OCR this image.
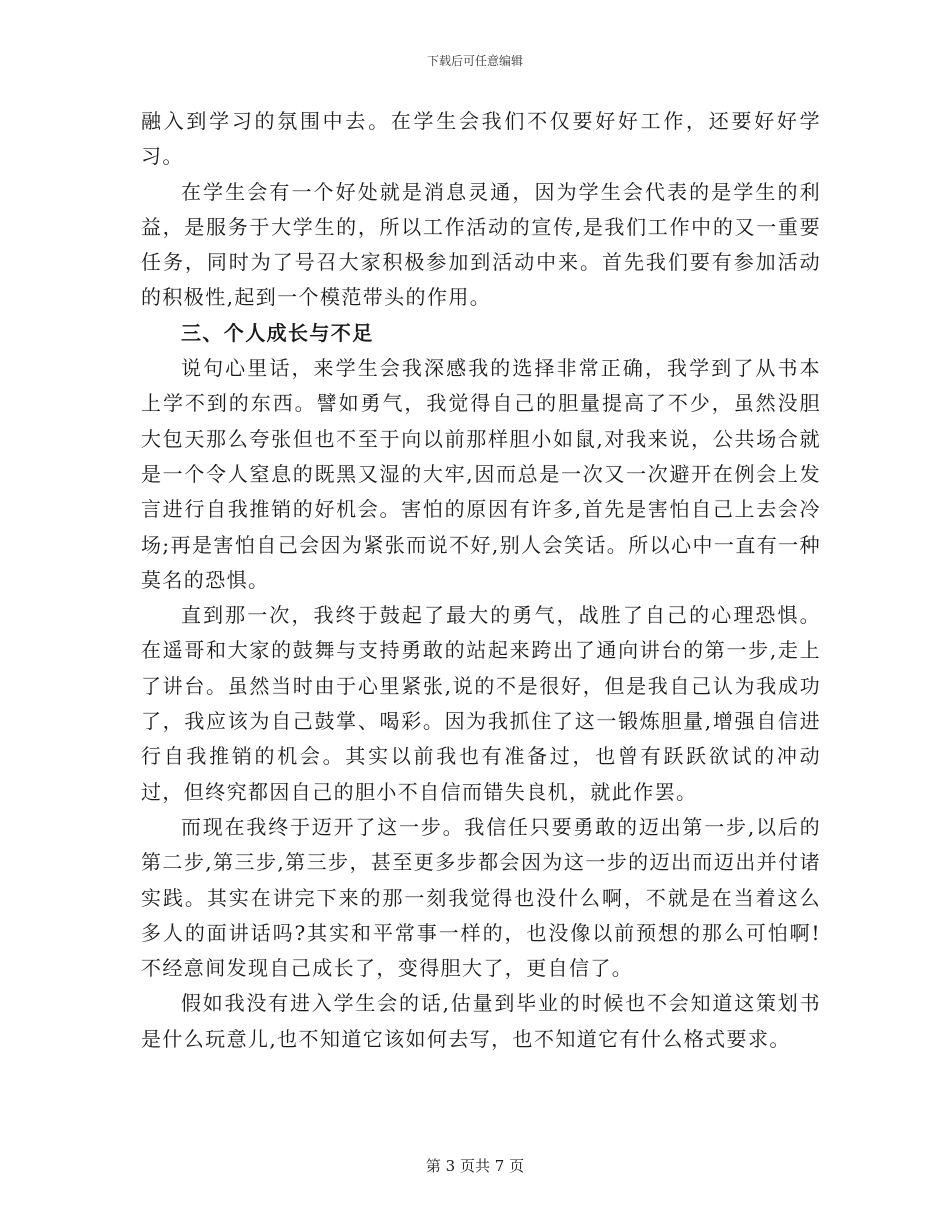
下载后可任意编辑

融入到学习的氛围中去。在学生会我们不仅要好好工作，还要好好学习。

在学生会有一个好处就是消息灵通，因为学生会代表的是学生的利益，是服务于大学生的，所以工作活动的宣传,是我们工作中的又一重要任务，同时为了号召大家积极参加到活动中来。首先我们要有参加活动的积极性,起到一个模范带头的作用。

三、个人成长与不足

说句心里话，来学生会我深感我的选择非常正确，我学到了从书本上学不到的东西。譬如勇气，我觉得自己的胆量提高了不少，虽然没胆大包天那么夸张但也不至于向以前那样胆小如鼠,对我来说，公共场合就是一个令人窒息的既黑又湿的大牢,因而总是一次又一次避开在例会上发言进行自我推销的好机会。害怕的原因有许多,首先是害怕自己上去会冷场;再是害怕自己会因为紧张而说不好,别人会笑话。所以心中一直有一种莫名的恐惧。

直到那一次，我终于鼓起了最大的勇气，战胜了自己的心理恐惧。在遥哥和大家的鼓舞与支持勇敢的站起来跨出了通向讲台的第一步,走上了讲台。虽然当时由于心里紧张,说的不是很好，但是我自己认为我成功了，我应该为自己鼓掌、喝彩。因为我抓住了这一锻炼胆量,增强自信进行自我推销的机会。其实以前我也有准备过，也曾有跃跃欲试的冲动过，但终究都因自己的胆小不自信而错失良机，就此作罢。

而现在我终于迈开了这一步。我信任只要勇敢的迈出第一步,以后的第二步,第三步,第三步，甚至更多步都会因为这一步的迈出而迈出并付诸实践。其实在讲完下来的那一刻我觉得也没什么啊，不就是在当着这么多人的面讲话吗?其实和平常事一样的，也没像以前预想的那么可怕啊!不经意间发现自己成长了，变得胆大了，更自信了。

假如我没有进入学生会的话,估量到毕业的时候也不会知道这策划书是什么玩意儿,也不知道它该如何去写，也不知道它有什么格式要求。

第 3 页共 7 页
